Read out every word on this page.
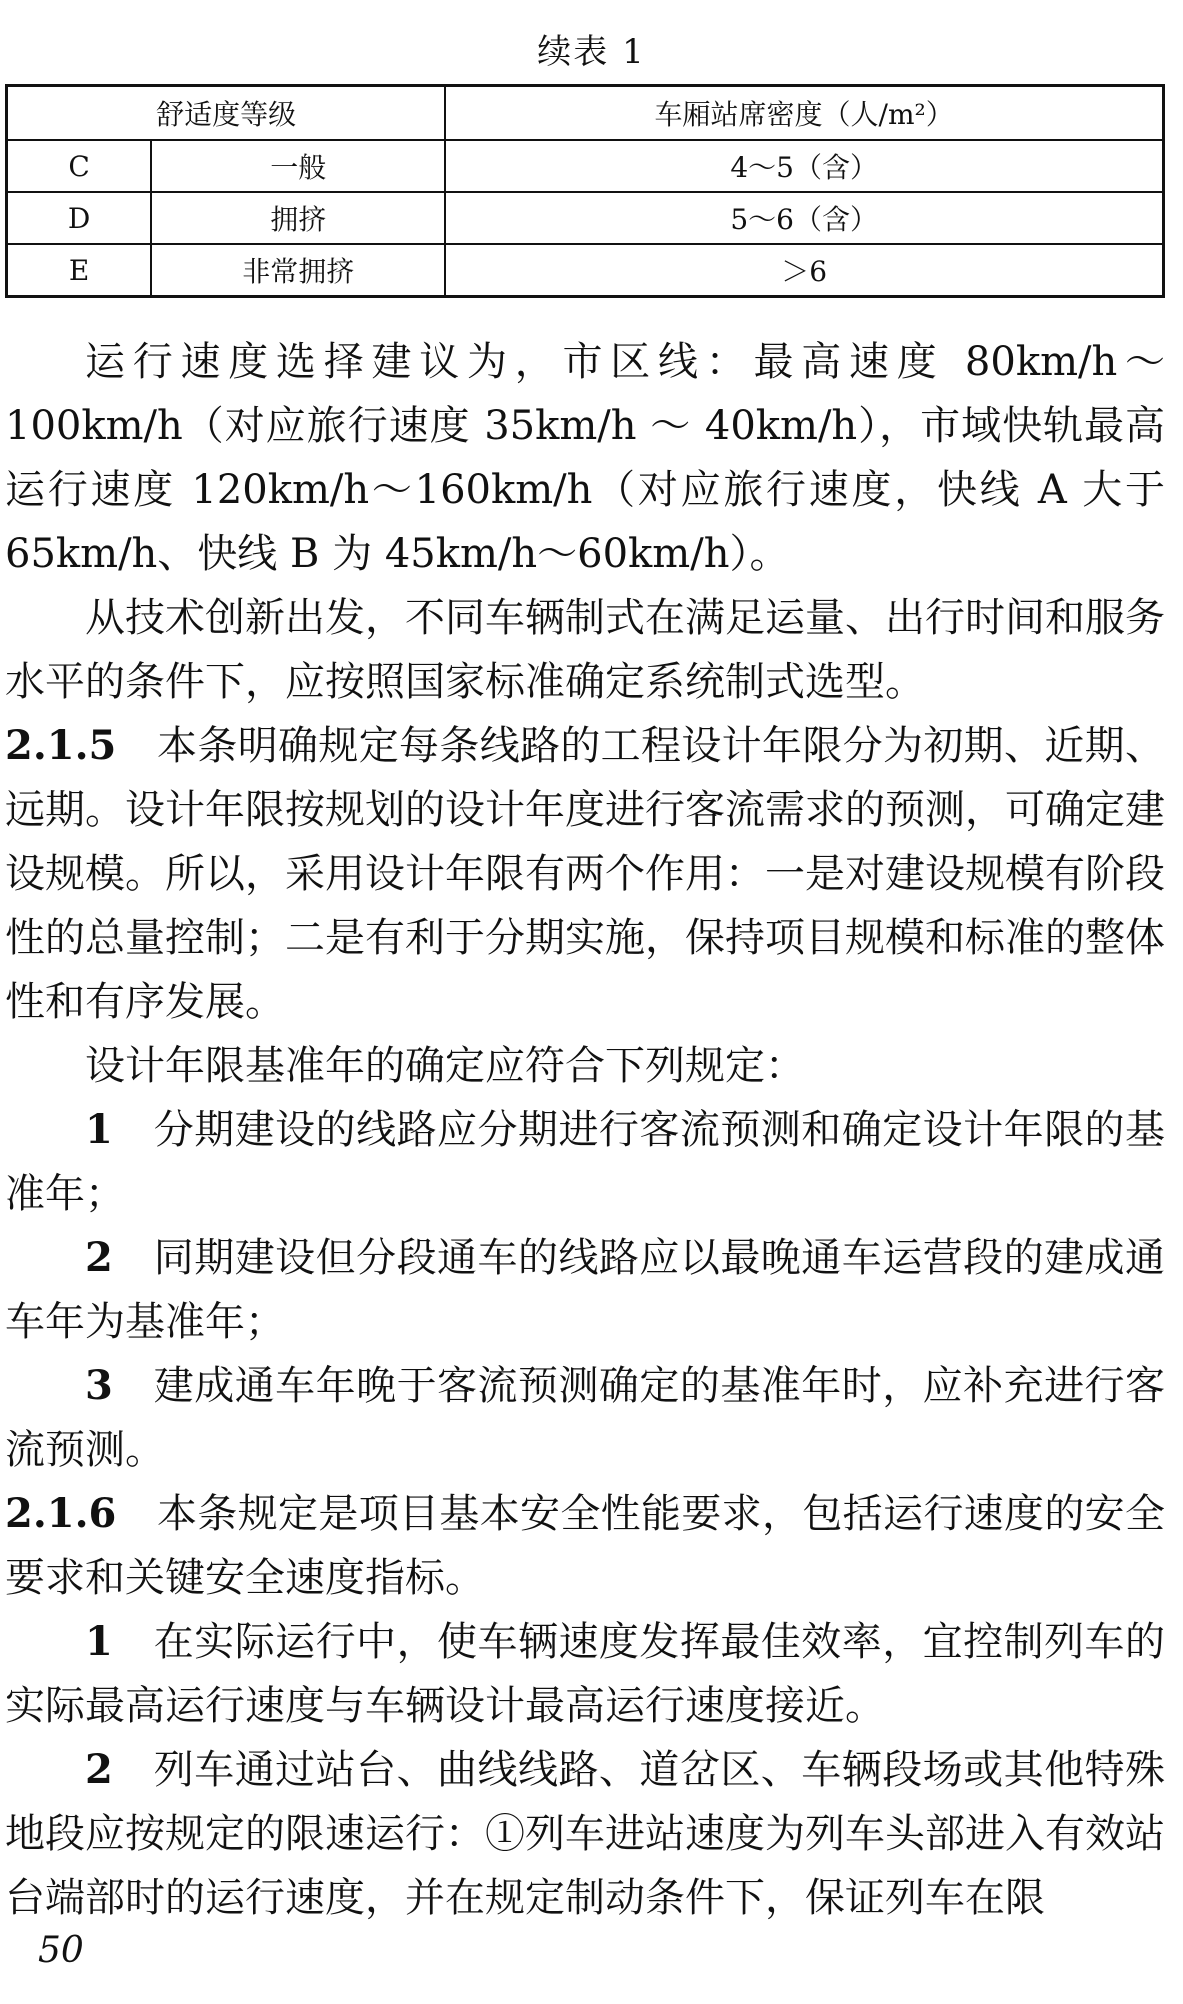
续表 1
舒适度等级		车厢站席密度（人/m²）
C	一般	4～5（含）
D	拥挤	5～6（含）
E	非常拥挤	＞6

运行速度选择建议为，市区线：最高速度 80km/h～100km/h（对应旅行速度 35km/h ～ 40km/h），市域快轨最高运行速度 120km/h～160km/h（对应旅行速度，快线 A 大于 65km/h、快线 B 为 45km/h～60km/h）。

从技术创新出发，不同车辆制式在满足运量、出行时间和服务水平的条件下，应按照国家标准确定系统制式选型。

2.1.5　 本条明确规定每条线路的工程设计年限分为初期、近期、远期。设计年限按规划的设计年度进行客流需求的预测，可确定建设规模。所以，采用设计年限有两个作用：一是对建设规模有阶段性的总量控制；二是有利于分期实施，保持项目规模和标准的整体性和有序发展。

设计年限基准年的确定应符合下列规定：

1　 分期建设的线路应分期进行客流预测和确定设计年限的基准年；

2　 同期建设但分段通车的线路应以最晚通车运营段的建成通车年为基准年；

3　 建成通车年晚于客流预测确定的基准年时，应补充进行客流预测。

2.1.6　 本条规定是项目基本安全性能要求，包括运行速度的安全要求和关键安全速度指标。

1　 在实际运行中，使车辆速度发挥最佳效率，宜控制列车的实际最高运行速度与车辆设计最高运行速度接近。

2　 列车通过站台、曲线线路、道岔区、车辆段场或其他特殊地段应按规定的限速运行：①列车进站速度为列车头部进入有效站台端部时的运行速度，并在规定制动条件下，保证列车在限

50
